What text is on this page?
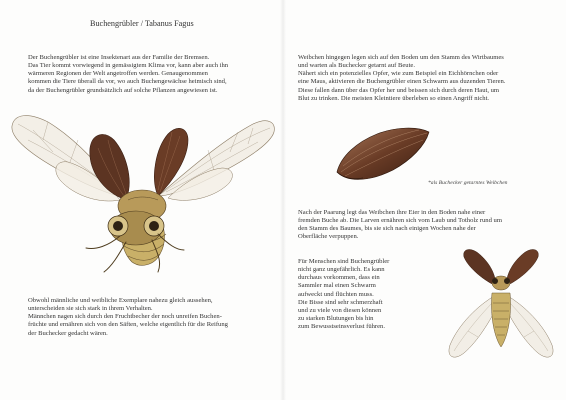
Buchengrübler / Tabanus Fagus

Der Buchengrübler ist eine Insektenart aus der Familie der Bremsen.
Das Tier kommt vorwiegend in gemässigtem Klima vor, kann aber auch ihn
wärmeren Regionen der Welt angetroffen werden. Genaugenommen
kommen die Tiere überall da vor, wo auch Buchengewächse heimisch sind,
da der Buchengrübler grundsätzlich auf solche Pflanzen angewiesen ist.

Obwohl männliche und weibliche Exemplare nahezu gleich aussehen,
unterscheiden sie sich stark in ihrem Verhalten.
Männchen nagen sich durch den Fruchtbecher der noch unreifen Buchen-
früchte und ernähren sich von den Säften, welche eigentlich für die Reifung
der Buchecker gedacht wären.

Weibchen hingegen legen sich auf den Boden um den Stamm des Wirtbaumes
und warten als Buchecker getarnt auf Beute.
Nähert sich ein potenzielles Opfer, wie zum Beispiel ein Eichhörnchen oder
eine Maus, aktivieren die Buchengrübler einen Schwarm aus duzenden Tieren.
Diese fallen dann über das Opfer her und beissen sich durch deren Haut, um
Blut zu trinken. Die meisten Kleintiere überleben so einen Angriff nicht.

*als Buchecker getarntes Weibchen

Nach der Paarung legt das Weibchen ihre Eier in den Boden nahe einer
fremden Buche ab. Die Larven ernähren sich vom Laub und Totholz rund um
den Stamm des Baumes, bis sie sich nach einigen Wochen nahe der
Oberfläche verpuppen.

Für Menschen sind Buchengrübler
nicht ganz ungefährlich. Es kann
durchaus vorkommen, dass ein
Sammler mal einen Schwarm
aufweckt und flüchten muss.
Die Bisse sind sehr schmerzhaft
und zu viele von diesen können
zu starken Blutungen bis hin
zum Bewusstseinsverlust führen.
